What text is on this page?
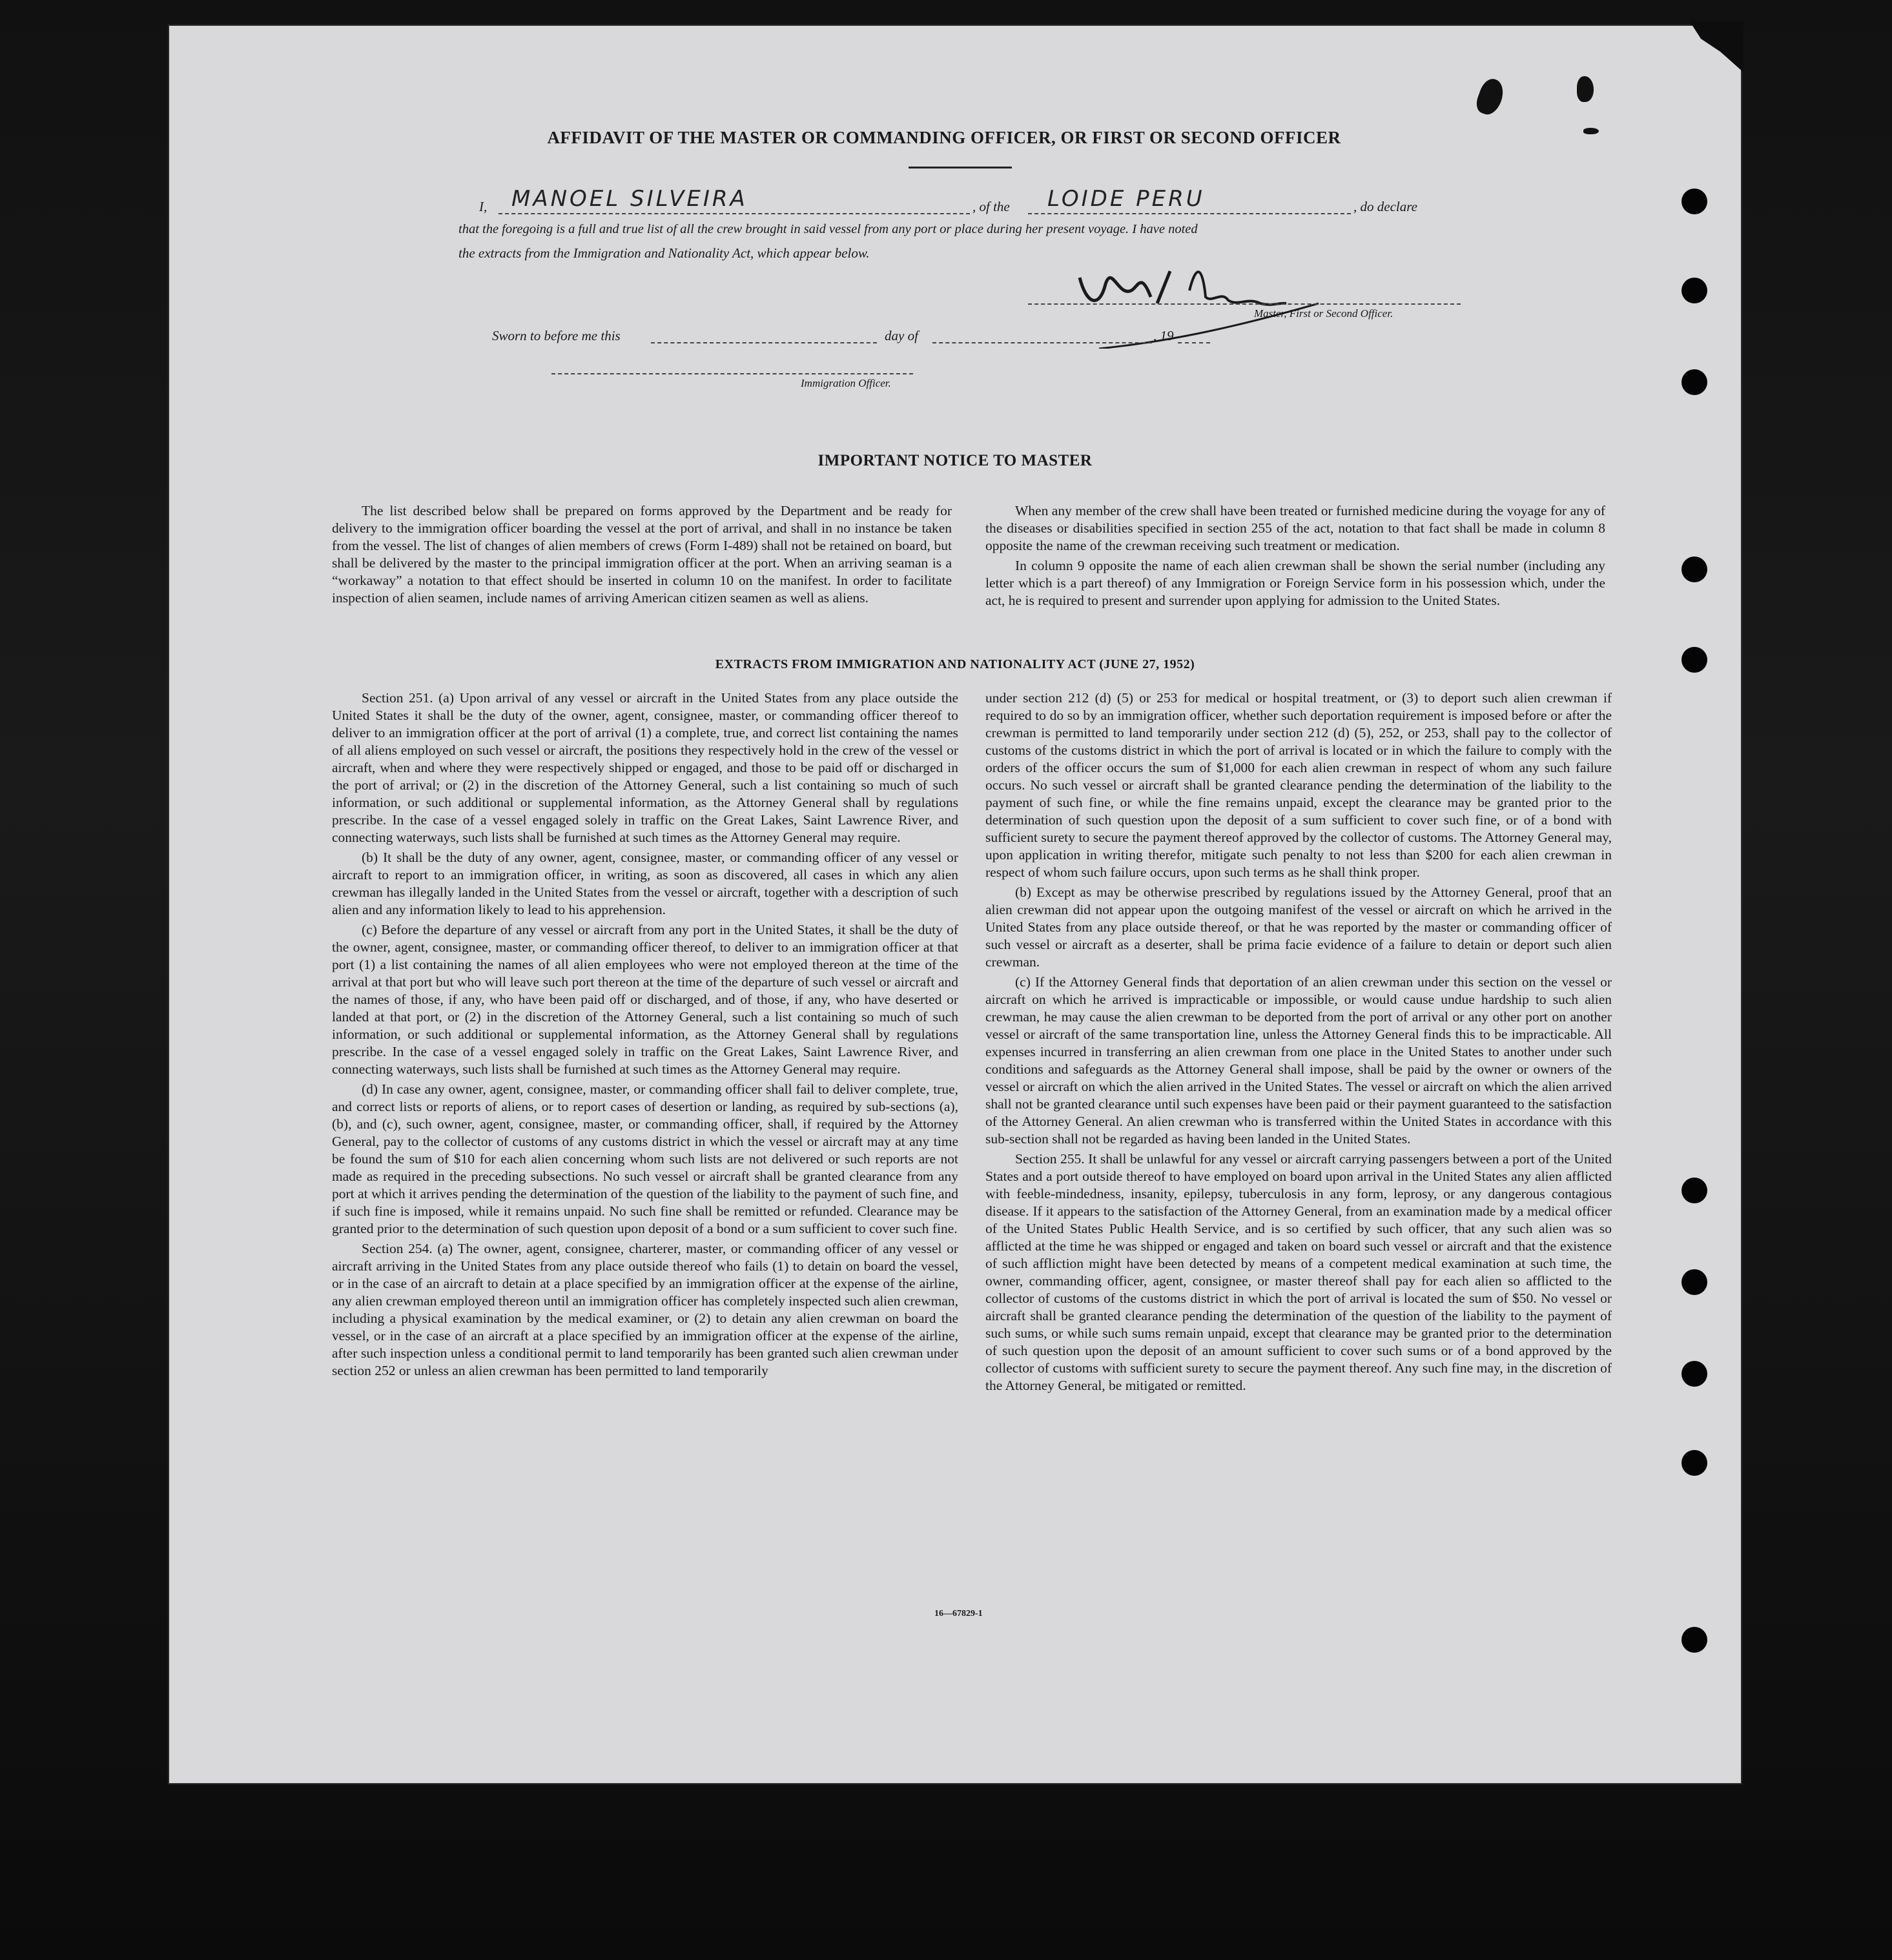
AFFIDAVIT OF THE MASTER OR COMMANDING OFFICER, OR FIRST OR SECOND OFFICER
I, MANOEL SILVEIRA	, of the LOIDE PERU	, do declare
that the foregoing is a full and true list of all the crew brought in said vessel from any port or place during her present voyage. I have noted
the extracts from the Immigration and Nationality Act, which appear below.
Master, First or Second Officer.
Sworn to before me this	day of	, 19
Immigration Officer.
IMPORTANT NOTICE TO MASTER

The list described below shall be prepared on forms approved by the Department and be ready for delivery to the immigration officer boarding the vessel at the port of arrival, and shall in no instance be taken from the vessel. The list of changes of alien members of crews (Form I-489) shall not be retained on board, but shall be delivered by the master to the principal immigration officer at the port. When an arriving seaman is a “workaway” a notation to that effect should be inserted in column 10 on the manifest. In order to facilitate inspection of alien seamen, include names of arriving American citizen seamen as well as aliens.

When any member of the crew shall have been treated or furnished medicine during the voyage for any of the diseases or disabilities specified in section 255 of the act, notation to that fact shall be made in column 8 opposite the name of the crewman receiving such treatment or medication.

In column 9 opposite the name of each alien crewman shall be shown the serial number (including any letter which is a part thereof) of any Immigration or Foreign Service form in his possession which, under the act, he is required to present and surrender upon applying for admission to the United States.

EXTRACTS FROM IMMIGRATION AND NATIONALITY ACT (JUNE 27, 1952)

Section 251. (a) Upon arrival of any vessel or aircraft in the United States from any place outside the United States it shall be the duty of the owner, agent, consignee, master, or commanding officer thereof to deliver to an immigration officer at the port of arrival (1) a complete, true, and correct list containing the names of all aliens employed on such vessel or aircraft, the positions they respectively hold in the crew of the vessel or aircraft, when and where they were respectively shipped or engaged, and those to be paid off or discharged in the port of arrival; or (2) in the discretion of the Attorney General, such a list containing so much of such information, or such additional or supplemental information, as the Attorney General shall by regulations prescribe. In the case of a vessel engaged solely in traffic on the Great Lakes, Saint Lawrence River, and connecting waterways, such lists shall be furnished at such times as the Attorney General may require.

(b) It shall be the duty of any owner, agent, consignee, master, or commanding officer of any vessel or aircraft to report to an immigration officer, in writing, as soon as discovered, all cases in which any alien crewman has illegally landed in the United States from the vessel or aircraft, together with a description of such alien and any information likely to lead to his apprehension.

(c) Before the departure of any vessel or aircraft from any port in the United States, it shall be the duty of the owner, agent, consignee, master, or commanding officer thereof, to deliver to an immigration officer at that port (1) a list containing the names of all alien employees who were not employed thereon at the time of the arrival at that port but who will leave such port thereon at the time of the departure of such vessel or aircraft and the names of those, if any, who have been paid off or discharged, and of those, if any, who have deserted or landed at that port, or (2) in the discretion of the Attorney General, such a list containing so much of such information, or such additional or supplemental information, as the Attorney General shall by regulations prescribe. In the case of a vessel engaged solely in traffic on the Great Lakes, Saint Lawrence River, and connecting waterways, such lists shall be furnished at such times as the Attorney General may require.

(d) In case any owner, agent, consignee, master, or commanding officer shall fail to deliver complete, true, and correct lists or reports of aliens, or to report cases of desertion or landing, as required by sub-sections (a), (b), and (c), such owner, agent, consignee, master, or commanding officer, shall, if required by the Attorney General, pay to the collector of customs of any customs district in which the vessel or aircraft may at any time be found the sum of $10 for each alien concerning whom such lists are not delivered or such reports are not made as required in the preceding subsections. No such vessel or aircraft shall be granted clearance from any port at which it arrives pending the determination of the question of the liability to the payment of such fine, and if such fine is imposed, while it remains unpaid. No such fine shall be remitted or refunded. Clearance may be granted prior to the determination of such question upon deposit of a bond or a sum sufficient to cover such fine.

Section 254. (a) The owner, agent, consignee, charterer, master, or commanding officer of any vessel or aircraft arriving in the United States from any place outside thereof who fails (1) to detain on board the vessel, or in the case of an aircraft to detain at a place specified by an immigration officer at the expense of the airline, any alien crewman employed thereon until an immigration officer has completely inspected such alien crewman, including a physical examination by the medical examiner, or (2) to detain any alien crewman on board the vessel, or in the case of an aircraft at a place specified by an immigration officer at the expense of the airline, after such inspection unless a conditional permit to land temporarily has been granted such alien crewman under section 252 or unless an alien crewman has been permitted to land temporarily

under section 212 (d) (5) or 253 for medical or hospital treatment, or (3) to deport such alien crewman if required to do so by an immigration officer, whether such deportation requirement is imposed before or after the crewman is permitted to land temporarily under section 212 (d) (5), 252, or 253, shall pay to the collector of customs of the customs district in which the port of arrival is located or in which the failure to comply with the orders of the officer occurs the sum of $1,000 for each alien crewman in respect of whom any such failure occurs. No such vessel or aircraft shall be granted clearance pending the determination of the liability to the payment of such fine, or while the fine remains unpaid, except the clearance may be granted prior to the determination of such question upon the deposit of a sum sufficient to cover such fine, or of a bond with sufficient surety to secure the payment thereof approved by the collector of customs. The Attorney General may, upon application in writing therefor, mitigate such penalty to not less than $200 for each alien crewman in respect of whom such failure occurs, upon such terms as he shall think proper.

(b) Except as may be otherwise prescribed by regulations issued by the Attorney General, proof that an alien crewman did not appear upon the outgoing manifest of the vessel or aircraft on which he arrived in the United States from any place outside thereof, or that he was reported by the master or commanding officer of such vessel or aircraft as a deserter, shall be prima facie evidence of a failure to detain or deport such alien crewman.

(c) If the Attorney General finds that deportation of an alien crewman under this section on the vessel or aircraft on which he arrived is impracticable or impossible, or would cause undue hardship to such alien crewman, he may cause the alien crewman to be deported from the port of arrival or any other port on another vessel or aircraft of the same transportation line, unless the Attorney General finds this to be impracticable. All expenses incurred in transferring an alien crewman from one place in the United States to another under such conditions and safeguards as the Attorney General shall impose, shall be paid by the owner or owners of the vessel or aircraft on which the alien arrived in the United States. The vessel or aircraft on which the alien arrived shall not be granted clearance until such expenses have been paid or their payment guaranteed to the satisfaction of the Attorney General. An alien crewman who is transferred within the United States in accordance with this sub-section shall not be regarded as having been landed in the United States.

Section 255. It shall be unlawful for any vessel or aircraft carrying passengers between a port of the United States and a port outside thereof to have employed on board upon arrival in the United States any alien afflicted with feeble-mindedness, insanity, epilepsy, tuberculosis in any form, leprosy, or any dangerous contagious disease. If it appears to the satisfaction of the Attorney General, from an examination made by a medical officer of the United States Public Health Service, and is so certified by such officer, that any such alien was so afflicted at the time he was shipped or engaged and taken on board such vessel or aircraft and that the existence of such affliction might have been detected by means of a competent medical examination at such time, the owner, commanding officer, agent, consignee, or master thereof shall pay for each alien so afflicted to the collector of customs of the customs district in which the port of arrival is located the sum of $50. No vessel or aircraft shall be granted clearance pending the determination of the question of the liability to the payment of such sums, or while such sums remain unpaid, except that clearance may be granted prior to the determination of such question upon the deposit of an amount sufficient to cover such sums or of a bond approved by the collector of customs with sufficient surety to secure the payment thereof. Any such fine may, in the discretion of the Attorney General, be mitigated or remitted.

16—67829-1
